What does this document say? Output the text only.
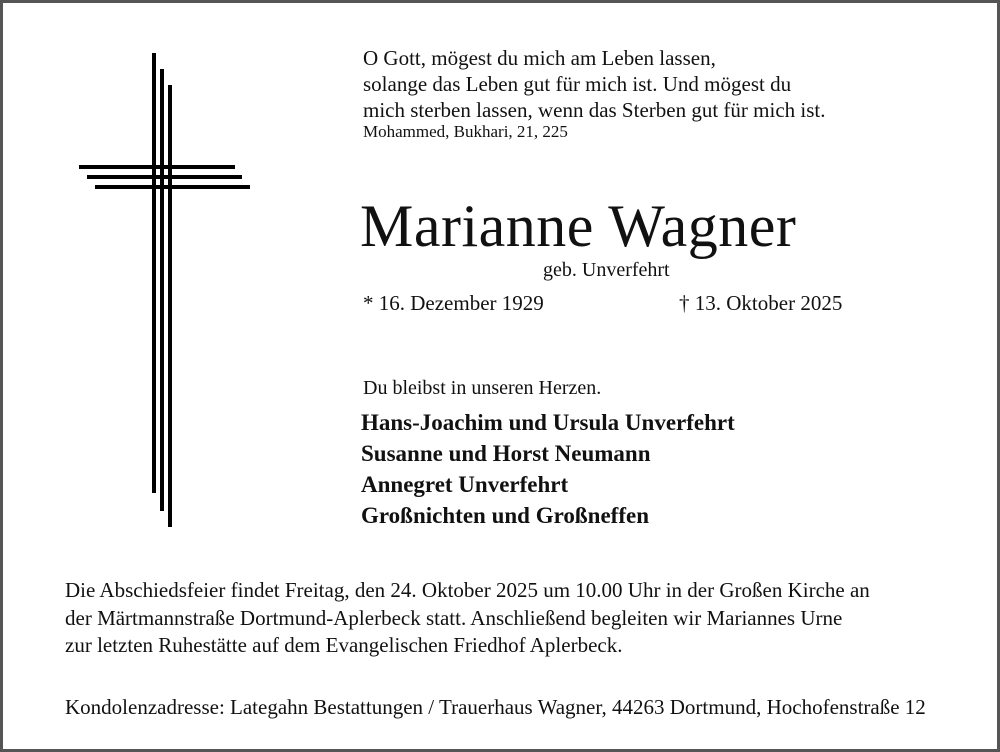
O Gott, mögest du mich am Leben lassen,
solange das Leben gut für mich ist. Und mögest du
mich sterben lassen, wenn das Sterben gut für mich ist.
Mohammed, Bukhari, 21, 225
Marianne Wagner
geb. Unverfehrt
* 16. Dezember 1929	† 13. Oktober 2025
Du bleibst in unseren Herzen.
Hans-Joachim und Ursula Unverfehrt
Susanne und Horst Neumann
Annegret Unverfehrt
Großnichten und Großneffen
Die Abschiedsfeier findet Freitag, den 24. Oktober 2025 um 10.00 Uhr in der Großen Kirche an
der Märtmannstraße Dortmund-Aplerbeck statt. Anschließend begleiten wir Mariannes Urne
zur letzten Ruhestätte auf dem Evangelischen Friedhof Aplerbeck.
Kondolenzadresse: Lategahn Bestattungen / Trauerhaus Wagner, 44263 Dortmund, Hochofenstraße 12
